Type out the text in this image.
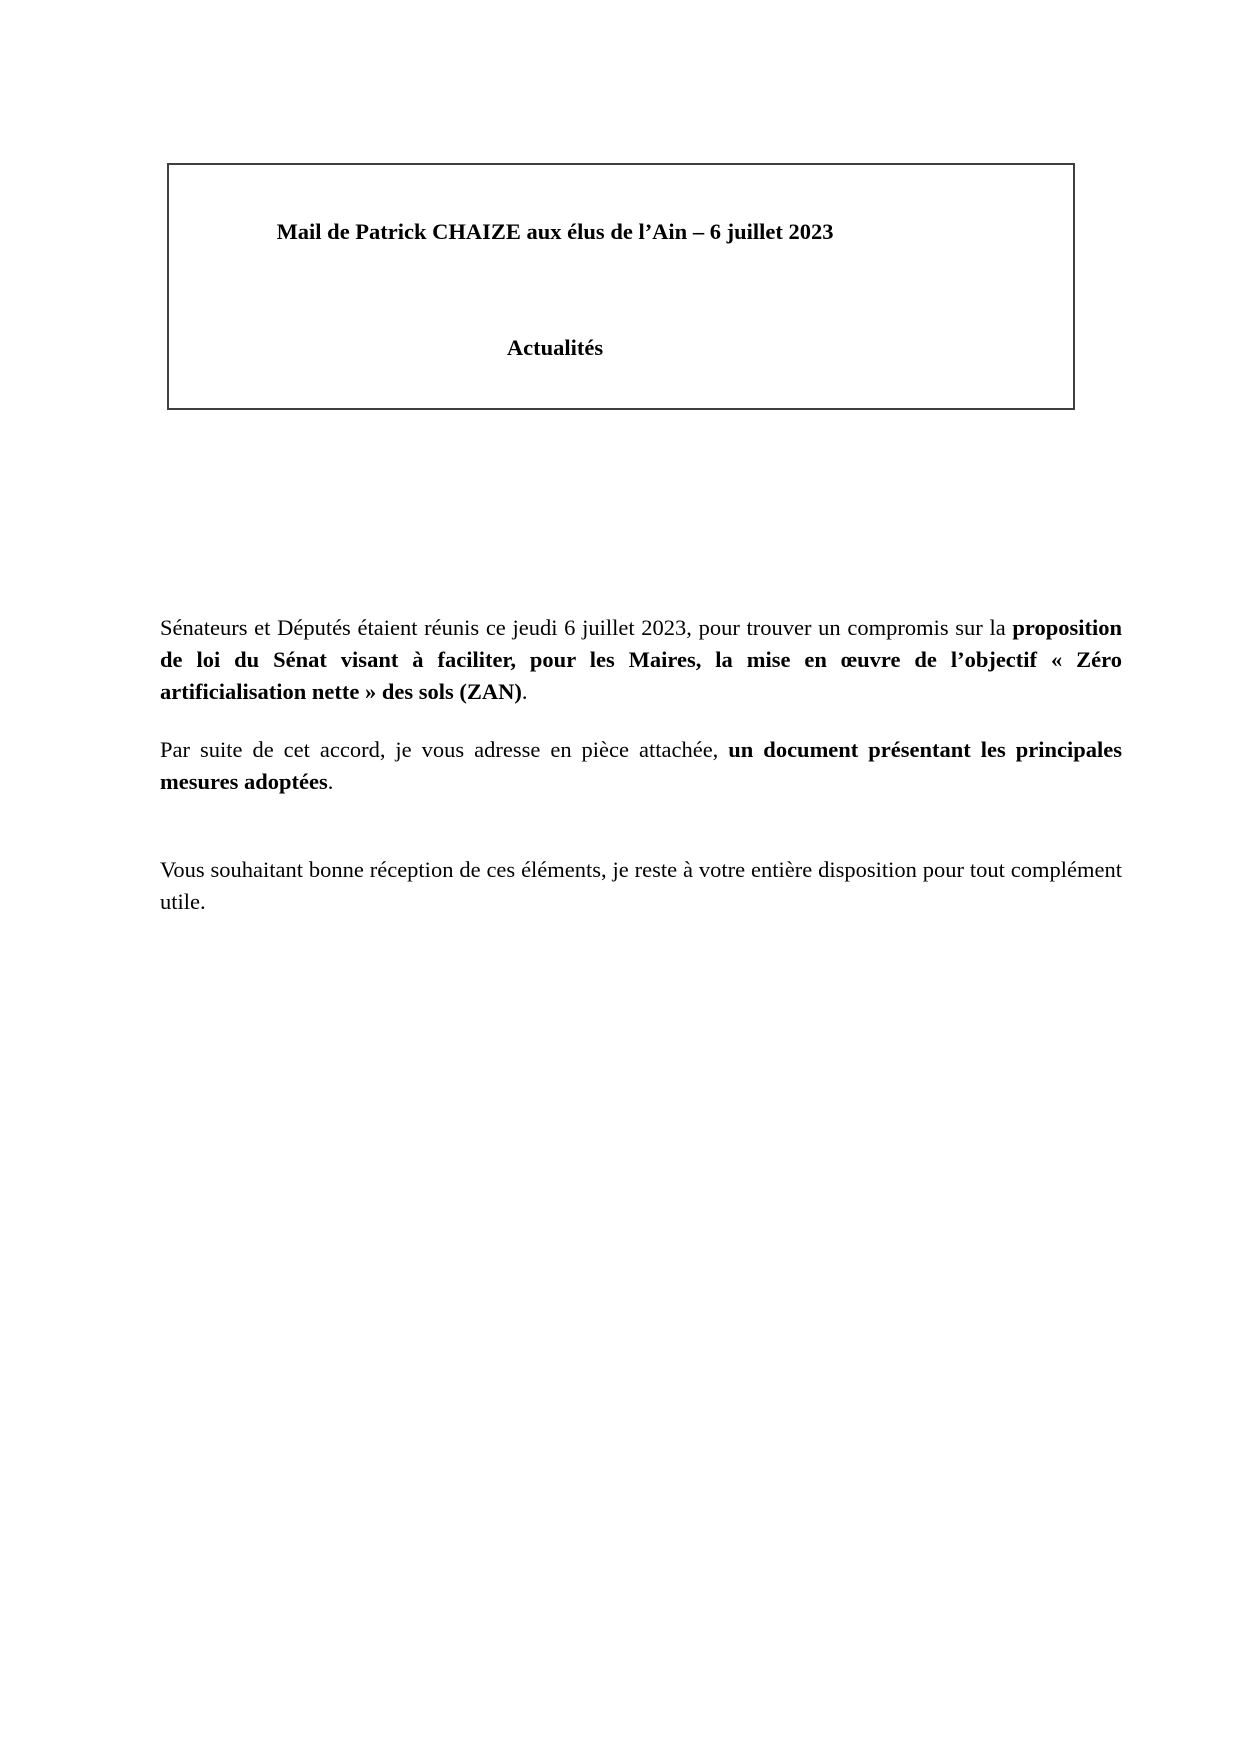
Mail de Patrick CHAIZE aux élus de l’Ain – 6 juillet 2023
Actualités

Sénateurs et Députés étaient réunis ce jeudi 6 juillet 2023, pour trouver un compromis sur la proposition de loi du Sénat visant à faciliter, pour les Maires, la mise en œuvre de l’objectif « Zéro artificialisation nette » des sols (ZAN).

Par suite de cet accord, je vous adresse en pièce attachée, un document présentant les principales mesures adoptées.

Vous souhaitant bonne réception de ces éléments, je reste à votre entière disposition pour tout complément utile.
